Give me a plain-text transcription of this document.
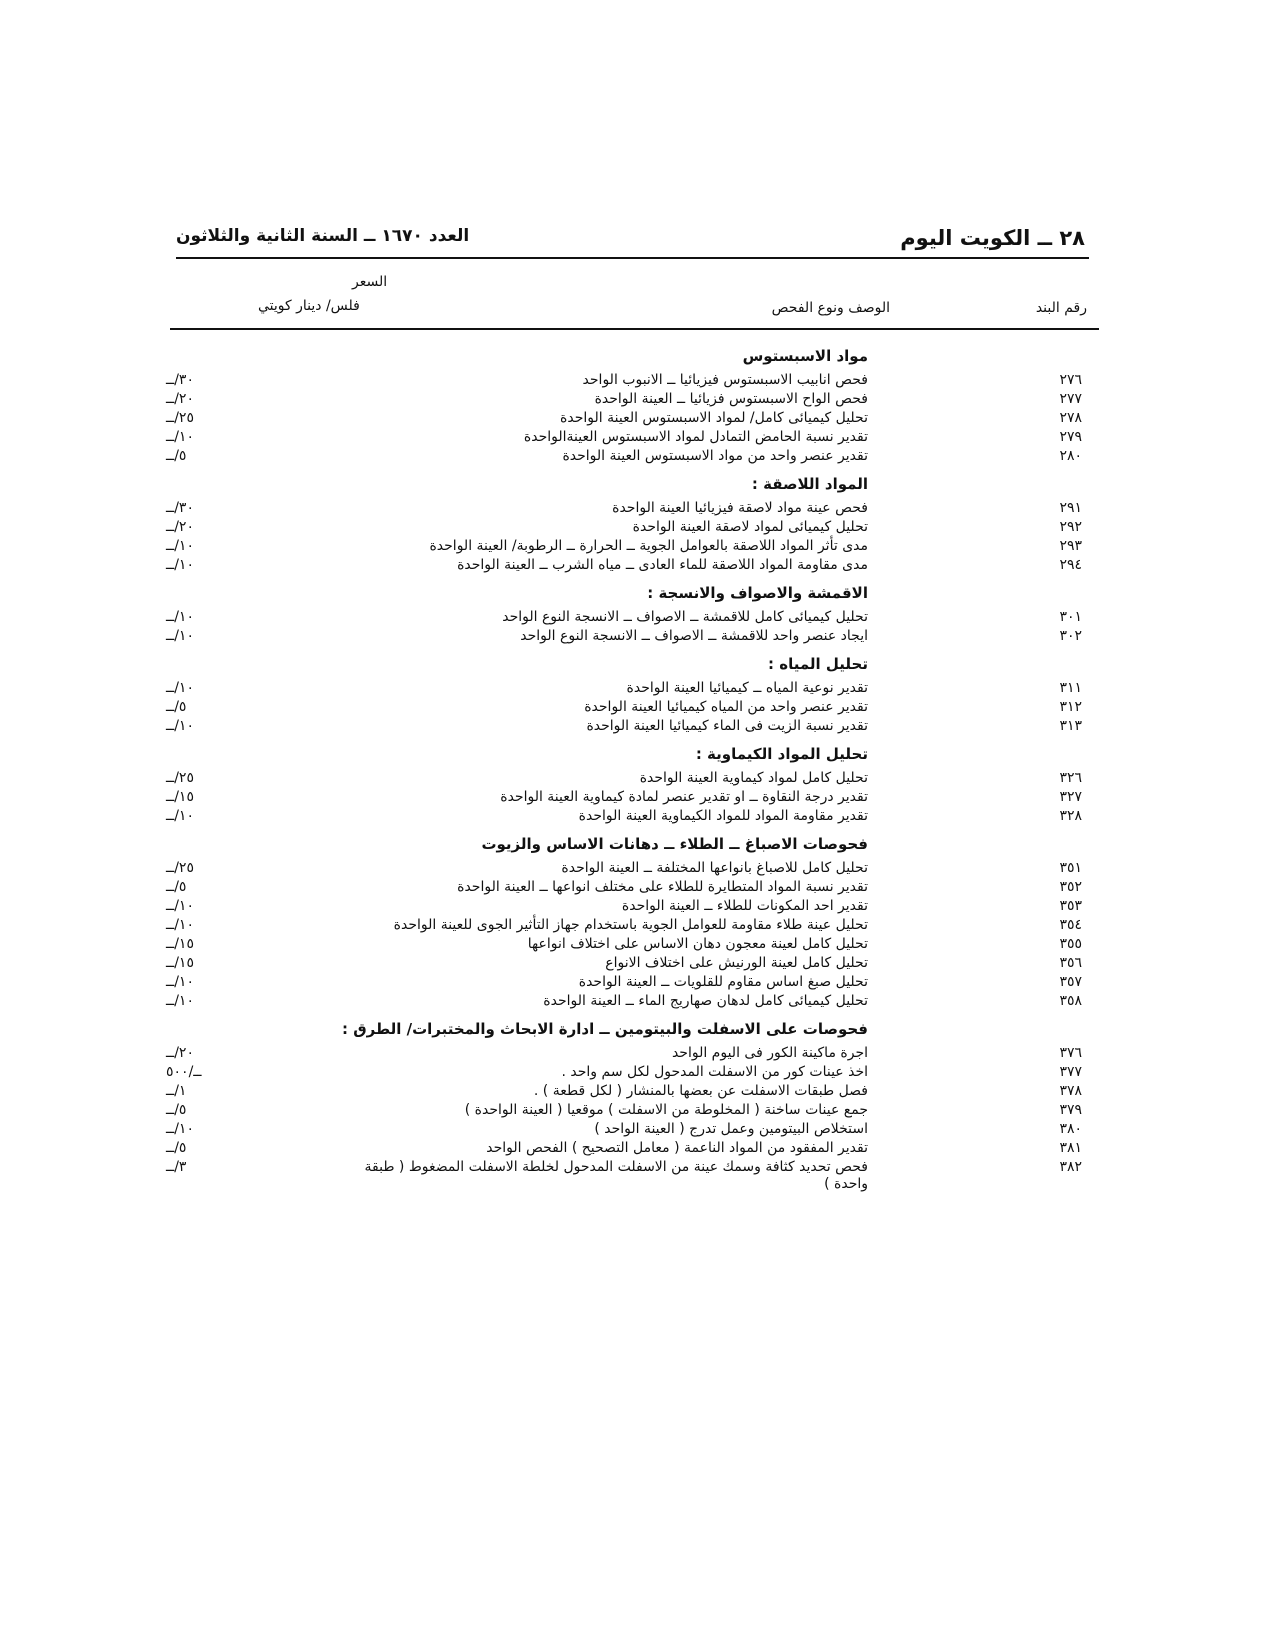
٢٨ ــ الكويت اليوم
العدد ١٦٧٠ ــ السنة الثانية والثلاثون
رقم البند
الوصف ونوع الفحص
السعر
فلس/ دينار كويتي
مواد الاسبستوس
٢٧٦
فحص انابيب الاسبستوس فيزيائيا ــ الانبوب الواحد
٣٠/ــ
٢٧٧
فحص الواح الاسبستوس فزيائيا ــ العينة الواحدة
٢٠/ــ
٢٧٨
تحليل كيميائى كامل/ لمواد الاسبستوس العينة الواحدة
٢٥/ــ
٢٧٩
تقدير نسبة الحامض التمادل لمواد الاسبستوس العينةالواحدة
١٠/ــ
٢٨٠
تقدير عنصر واحد من مواد الاسبستوس العينة الواحدة
٥/ــ
المواد اللاصقة :
٢٩١
فحص عينة مواد لاصقة فيزيائيا العينة الواحدة
٣٠/ــ
٢٩٢
تحليل كيميائى لمواد لاصقة العينة الواحدة
٢٠/ــ
٢٩٣
مدى تأثر المواد اللاصقة بالعوامل الجوية ــ الحرارة ــ الرطوبة/ العينة الواحدة
١٠/ــ
٢٩٤
مدى مقاومة المواد اللاصقة للماء العادى ــ مياه الشرب ــ العينة الواحدة
١٠/ــ
الاقمشة والاصواف والانسجة :
٣٠١
تحليل كيميائى كامل للاقمشة ــ الاصواف ــ الانسجة النوع الواحد
١٠/ــ
٣٠٢
ايجاد عنصر واحد للاقمشة ــ الاصواف ــ الانسجة النوع الواحد
١٠/ــ
تحليل المياه :
٣١١
تقدير نوعية المياه ــ كيميائيا العينة الواحدة
١٠/ــ
٣١٢
تقدير عنصر واحد من المياه كيميائيا العينة الواحدة
٥/ــ
٣١٣
تقدير نسبة الزيت فى الماء كيميائيا العينة الواحدة
١٠/ــ
تحليل المواد الكيماوية :
٣٢٦
تحليل كامل لمواد كيماوية العينة الواحدة
٢٥/ــ
٣٢٧
تقدير درجة النقاوة ــ او تقدير عنصر لمادة كيماوية العينة الواحدة
١٥/ــ
٣٢٨
تقدير مقاومة المواد للمواد الكيماوية العينة الواحدة
١٠/ــ
فحوصات الاصباغ ــ الطلاء ــ دهانات الاساس والزيوت
٣٥١
تحليل كامل للاصباغ بانواعها المختلفة ــ العينة الواحدة
٢٥/ــ
٣٥٢
تقدير نسبة المواد المتطايرة للطلاء على مختلف انواعها ــ العينة الواحدة
٥/ــ
٣٥٣
تقدير احد المكونات للطلاء ــ العينة الواحدة
١٠/ــ
٣٥٤
تحليل عينة طلاء مقاومة للعوامل الجوية باستخدام جهاز التأثير الجوى للعينة الواحدة
١٠/ــ
٣٥٥
تحليل كامل لعينة معجون دهان الاساس على اختلاف انواعها
١٥/ــ
٣٥٦
تحليل كامل لعينة الورنيش على اختلاف الانواع
١٥/ــ
٣٥٧
تحليل صبغ اساس مقاوم للقلويات ــ العينة الواحدة
١٠/ــ
٣٥٨
تحليل كيميائى كامل لدهان صهاريج الماء ــ العينة الواحدة
١٠/ــ
فحوصات على الاسفلت والبيتومين ــ ادارة الابحاث والمختبرات/ الطرق :
٣٧٦
اجرة ماكينة الكور فى اليوم الواحد
٢٠/ــ
٣٧٧
اخذ عينات كور من الاسفلت المدحول لكل سم واحد .
ــ/٥٠٠
٣٧٨
فصل طبقات الاسفلت عن بعضها بالمنشار ( لكل قطعة ) .
١/ــ
٣٧٩
جمع عينات ساخنة ( المخلوطة من الاسفلت ) موقعيا ( العينة الواحدة )
٥/ــ
٣٨٠
استخلاص البيتومين وعمل تدرج ( العينة الواحد )
١٠/ــ
٣٨١
تقدير المفقود من المواد الناعمة ( معامل التصحيح ) الفحص الواحد
٥/ــ
٣٨٢
فحص تحديد كثافة وسمك عينة من الاسفلت المدحول لخلطة الاسفلت المضغوط ( طبقة واحدة )
٣/ــ
